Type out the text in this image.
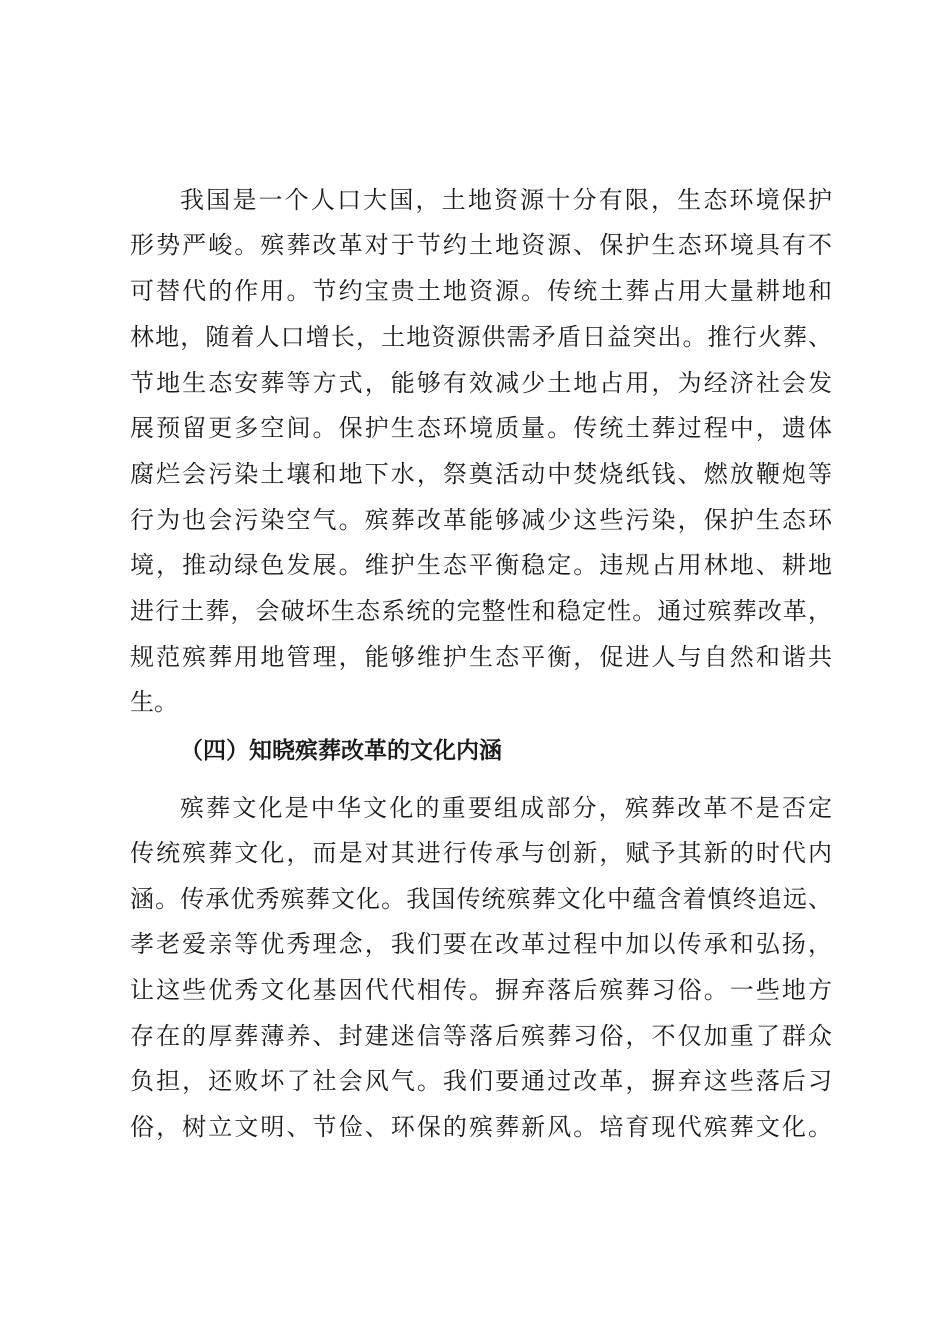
我国是一个人口大国，土地资源十分有限，生态环境保护

形势严峻。殡葬改革对于节约土地资源、保护生态环境具有不

可替代的作用。节约宝贵土地资源。传统土葬占用大量耕地和

林地，随着人口增长，土地资源供需矛盾日益突出。推行火葬、

节地生态安葬等方式，能够有效减少土地占用，为经济社会发

展预留更多空间。保护生态环境质量。传统土葬过程中，遗体

腐烂会污染土壤和地下水，祭奠活动中焚烧纸钱、燃放鞭炮等

行为也会污染空气。殡葬改革能够减少这些污染，保护生态环

境，推动绿色发展。维护生态平衡稳定。违规占用林地、耕地

进行土葬，会破坏生态系统的完整性和稳定性。通过殡葬改革，

规范殡葬用地管理，能够维护生态平衡，促进人与自然和谐共

生。

（四）知晓殡葬改革的文化内涵

殡葬文化是中华文化的重要组成部分，殡葬改革不是否定

传统殡葬文化，而是对其进行传承与创新，赋予其新的时代内

涵。传承优秀殡葬文化。我国传统殡葬文化中蕴含着慎终追远、

孝老爱亲等优秀理念，我们要在改革过程中加以传承和弘扬，

让这些优秀文化基因代代相传。摒弃落后殡葬习俗。一些地方

存在的厚葬薄养、封建迷信等落后殡葬习俗，不仅加重了群众

负担，还败坏了社会风气。我们要通过改革，摒弃这些落后习

俗，树立文明、节俭、环保的殡葬新风。培育现代殡葬文化。
